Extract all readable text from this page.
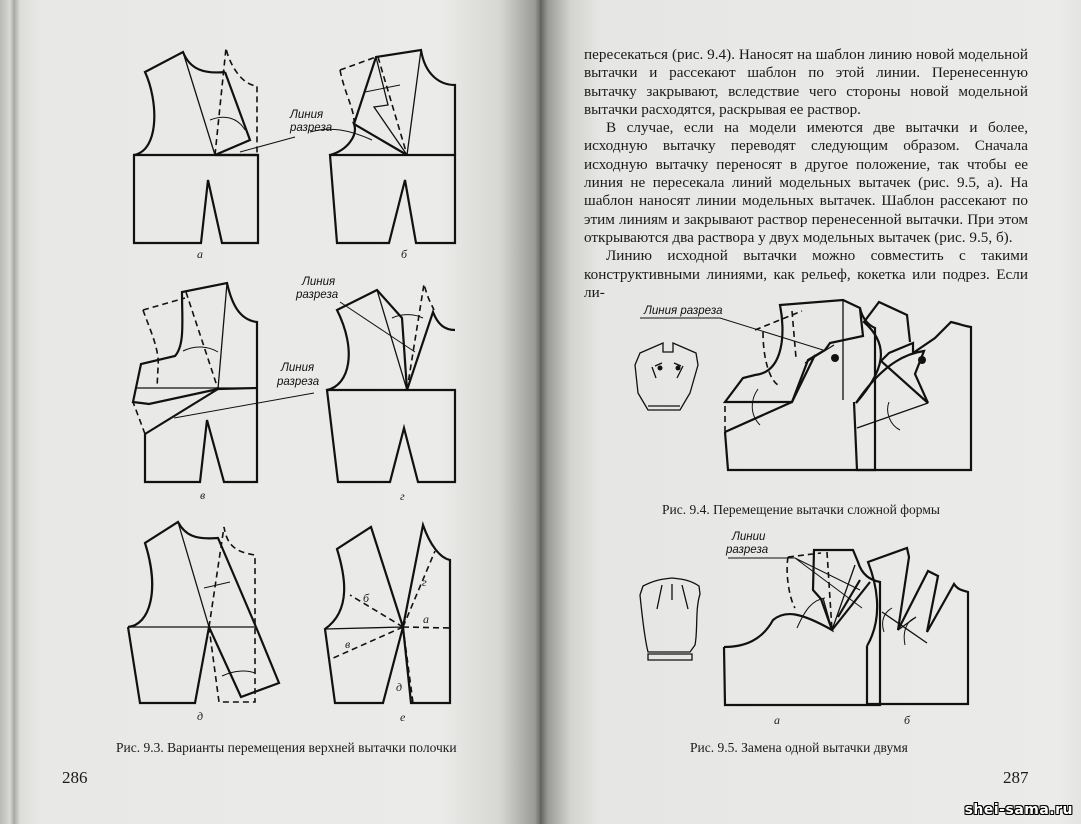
Линия
разреза
а	б
Линия
разреза
в
Линия
разреза
г
д
г
а
б
в
д
е
Рис. 9.3. Варианты перемещения верхней вытачки полочки
286

пересекаться (рис. 9.4). Наносят на шаблон линию новой модельной вытачки и рассекают шаблон по этой линии. Перенесенную вытачку закрывают, вследствие чего стороны новой модельной вытачки расходятся, раскрывая ее раствор.

В случае, если на модели имеются две вытачки и более, исходную вытачку переводят следующим образом. Сначала исходную вытачку переносят в другое положение, так чтобы ее линия не пересекала линий модельных вытачек (рис. 9.5, а). На шаблон наносят линии модельных вытачек. Шаблон рассекают по этим линиям и закрывают раствор перенесенной вытачки. При этом открываются два раствора у двух модельных вытачек (рис. 9.5, б).

Линию исходной вытачки можно совместить с такими конструктивными линиями, как рельеф, кокетка или подрез. Если ли-

Линия разреза
Линии
разреза
а	б
Рис. 9.4. Перемещение вытачки сложной формы
Рис. 9.5. Замена одной вытачки двумя
287
shei-sama.ru
